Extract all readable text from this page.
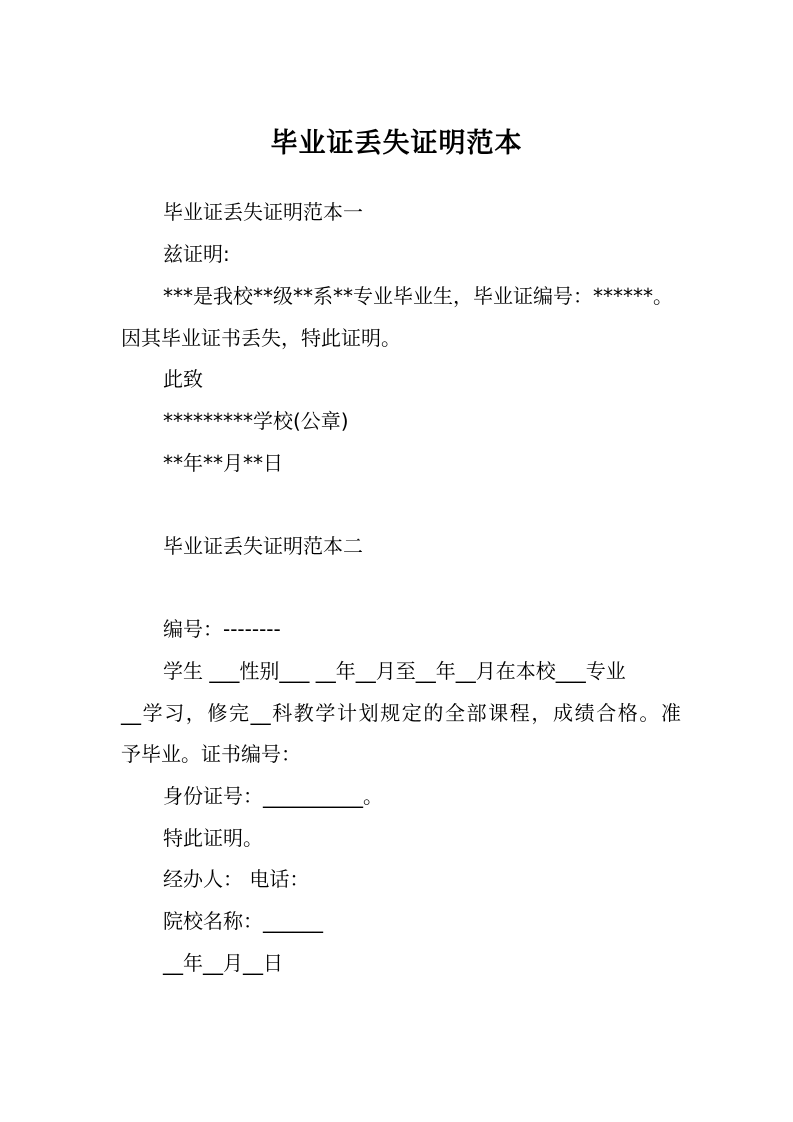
毕业证丢失证明范本
毕业证丢失证明范本一
兹证明:
***是我校**级**系**专业毕业生，毕业证编号：******。
因其毕业证书丢失，特此证明。
此致
*********学校(公章)
**年**月**日
毕业证丢失证明范本二
编号：--------
学生 ___性别___ __年__月至__年__月在本校___专业
__学习，修完__科教学计划规定的全部课程，成绩合格。准
予毕业。证书编号：
身份证号：__________。
特此证明。
经办人： 电话：
院校名称：______
__年__月__日
